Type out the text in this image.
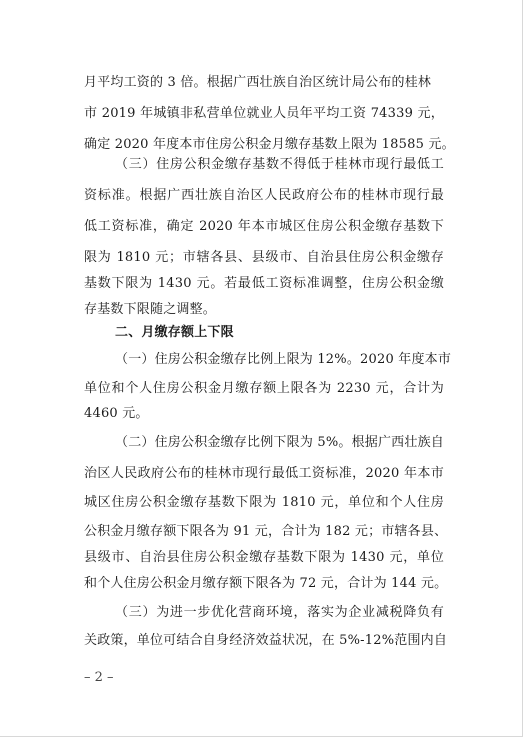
月平均工资的 3 倍。根据广西壮族自治区统计局公布的桂林
市 2019 年城镇非私营单位就业人员年平均工资 74339 元，
确定 2020 年度本市住房公积金月缴存基数上限为 18585 元。
（三）住房公积金缴存基数不得低于桂林市现行最低工
资标准。根据广西壮族自治区人民政府公布的桂林市现行最
低工资标准，确定 2020 年本市城区住房公积金缴存基数下
限为 1810 元；市辖各县、县级市、自治县住房公积金缴存
基数下限为 1430 元。若最低工资标准调整，住房公积金缴
存基数下限随之调整。
二、月缴存额上下限
（一）住房公积金缴存比例上限为 12%。2020 年度本市
单位和个人住房公积金月缴存额上限各为 2230 元，合计为
4460 元。
（二）住房公积金缴存比例下限为 5%。根据广西壮族自
治区人民政府公布的桂林市现行最低工资标准，2020 年本市
城区住房公积金缴存基数下限为 1810 元，单位和个人住房
公积金月缴存额下限各为 91 元，合计为 182 元；市辖各县、
县级市、自治县住房公积金缴存基数下限为 1430 元，单位
和个人住房公积金月缴存额下限各为 72 元，合计为 144 元。
（三）为进一步优化营商环境，落实为企业减税降负有
关政策，单位可结合自身经济效益状况，在 5%-12%范围内自
– 2 –
